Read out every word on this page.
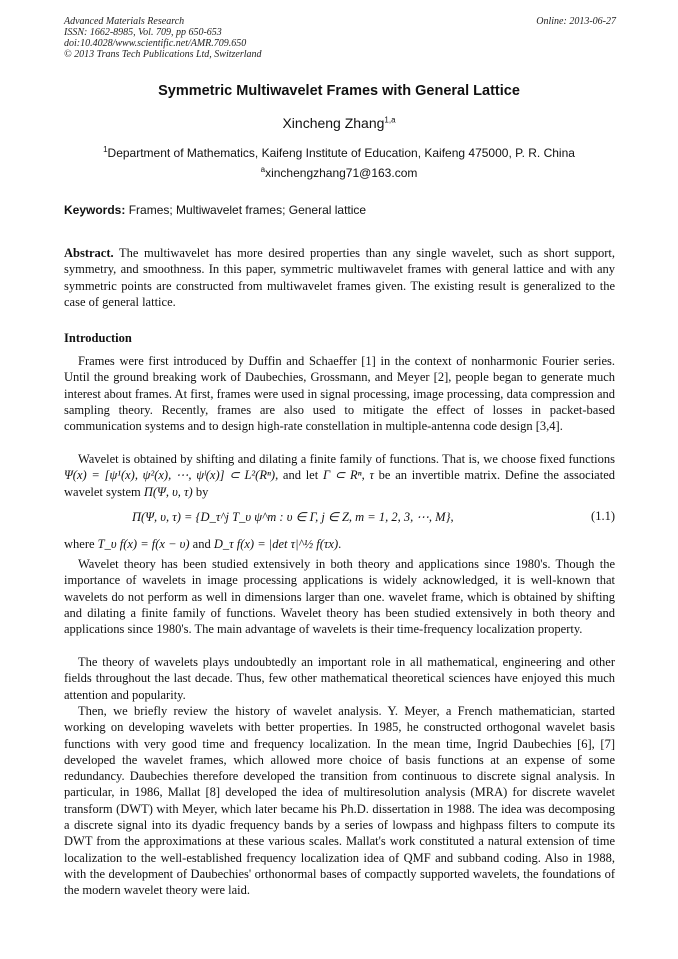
Advanced Materials Research
ISSN: 1662-8985, Vol. 709, pp 650-653
doi:10.4028/www.scientific.net/AMR.709.650
© 2013 Trans Tech Publications Ltd, Switzerland
Online: 2013-06-27
Symmetric Multiwavelet Frames with General Lattice
Xincheng Zhang$^{1,a}$
$^1$Department of Mathematics, Kaifeng Institute of Education, Kaifeng 475000, P. R. China
$^a$xinchengzhang71@163.com
Keywords: Frames; Multiwavelet frames; General lattice
Abstract. The multiwavelet has more desired properties than any single wavelet, such as short support, symmetry, and smoothness. In this paper, symmetric multiwavelet frames with general lattice and with any symmetric points are constructed from multiwavelet frames given. The existing result is generalized to the case of general lattice.
Introduction
Frames were first introduced by Duffin and Schaeffer [1] in the context of nonharmonic Fourier series. Until the ground breaking work of Daubechies, Grossmann, and Meyer [2], people began to generate much interest about frames. At first, frames were used in signal processing, image processing, data compression and sampling theory. Recently, frames are also used to mitigate the effect of losses in packet-based communication systems and to design high-rate constellation in multiple-antenna code design [3,4].
Wavelet is obtained by shifting and dilating a finite family of functions. That is, we choose fixed functions Ψ(x) = [ψ¹(x), ψ²(x), ⋯, ψˡ(x)] ⊂ L²(Rⁿ), and let Γ ⊂ Rⁿ, τ be an invertible matrix. Define the associated wavelet system Π(Ψ, υ, τ) by
Π(Ψ, υ, τ) = {D_τ^j T_υ ψ^m : υ ∈ Γ, j ∈ Z, m = 1, 2, 3, ⋯, M},	(1.1)
where T_υ f(x) = f(x − υ) and D_τ f(x) = |det τ|^½ f(τx).
Wavelet theory has been studied extensively in both theory and applications since 1980's. Though the importance of wavelets in image processing applications is widely acknowledged, it is well-known that wavelets do not perform as well in dimensions larger than one. wavelet frame, which is obtained by shifting and dilating a finite family of functions. Wavelet theory has been studied extensively in both theory and applications since 1980's. The main advantage of wavelets is their time-frequency localization property.
The theory of wavelets plays undoubtedly an important role in all mathematical, engineering and other fields throughout the last decade. Thus, few other mathematical theoretical sciences have enjoyed this much attention and popularity.
Then, we briefly review the history of wavelet analysis. Y. Meyer, a French mathematician, started working on developing wavelets with better properties. In 1985, he constructed orthogonal wavelet basis functions with very good time and frequency localization. In the mean time, Ingrid Daubechies [6], [7] developed the wavelet frames, which allowed more choice of basis functions at an expense of some redundancy. Daubechies therefore developed the transition from continuous to discrete signal analysis. In particular, in 1986, Mallat [8] developed the idea of multiresolution analysis (MRA) for discrete wavelet transform (DWT) with Meyer, which later became his Ph.D. dissertation in 1988. The idea was decomposing a discrete signal into its dyadic frequency bands by a series of lowpass and highpass filters to compute its DWT from the approximations at these various scales. Mallat's work constituted a natural extension of time localization to the well-established frequency localization idea of QMF and subband coding. Also in 1988, with the development of Daubechies' orthonormal bases of compactly supported wavelets, the foundations of the modern wavelet theory were laid.
